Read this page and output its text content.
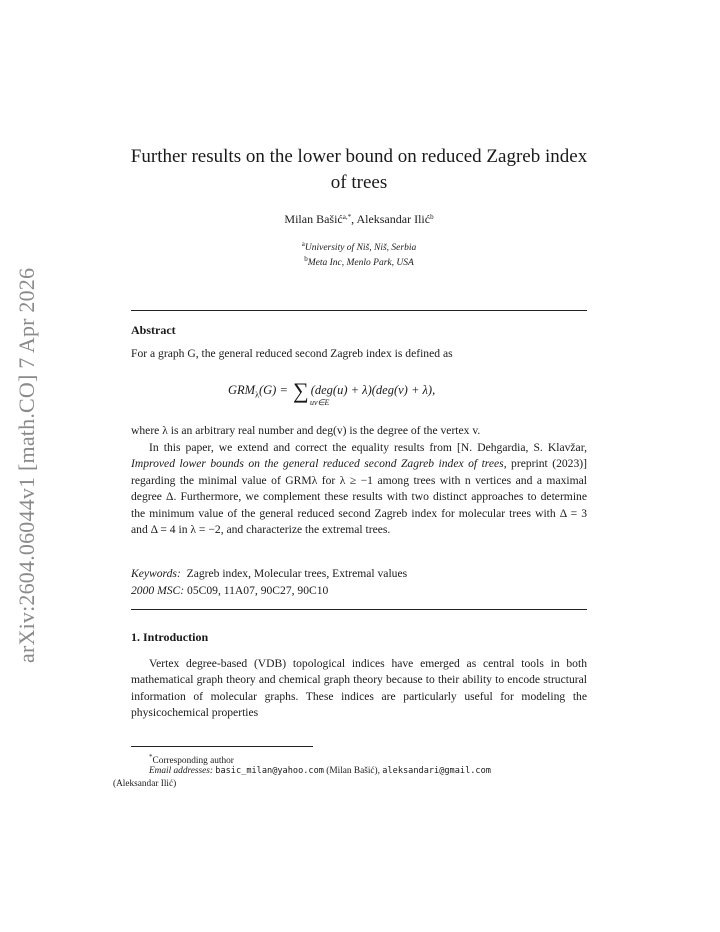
arXiv:2604.06044v1 [math.CO] 7 Apr 2026
Further results on the lower bound on reduced Zagreb index of trees
Milan Bašić$^{a,*}$, Aleksandar Ilić$^b$
$^a$University of Niš, Niš, Serbia
$^b$Meta Inc, Menlo Park, USA
Abstract
For a graph G, the general reduced second Zagreb index is defined as
$GRM_\lambda(G)$ = ∑ (deg(u) + λ)(deg(v) + λ),
uv∈E
where λ is an arbitrary real number and deg(v) is the degree of the vertex v.
In this paper, we extend and correct the equality results from [N. Dehgardia, S. Klavžar, Improved lower bounds on the general reduced second Zagreb index of trees, preprint (2023)] regarding the minimal value of GRMλ for λ ≥ −1 among trees with n vertices and a maximal degree Δ. Furthermore, we complement these results with two distinct approaches to determine the minimum value of the general reduced second Zagreb index for molecular trees with Δ = 3 and Δ = 4 in λ = −2, and characterize the extremal trees.
Keywords: Zagreb index, Molecular trees, Extremal values
2000 MSC: 05C09, 11A07, 90C27, 90C10
1. Introduction
Vertex degree-based (VDB) topological indices have emerged as central tools in both mathematical graph theory and chemical graph theory because to their ability to encode structural information of molecular graphs. These indices are particularly useful for modeling the physicochemical properties
*Corresponding author
Email addresses: basic_milan@yahoo.com (Milan Bašić), aleksandari@gmail.com
(Aleksandar Ilić)
